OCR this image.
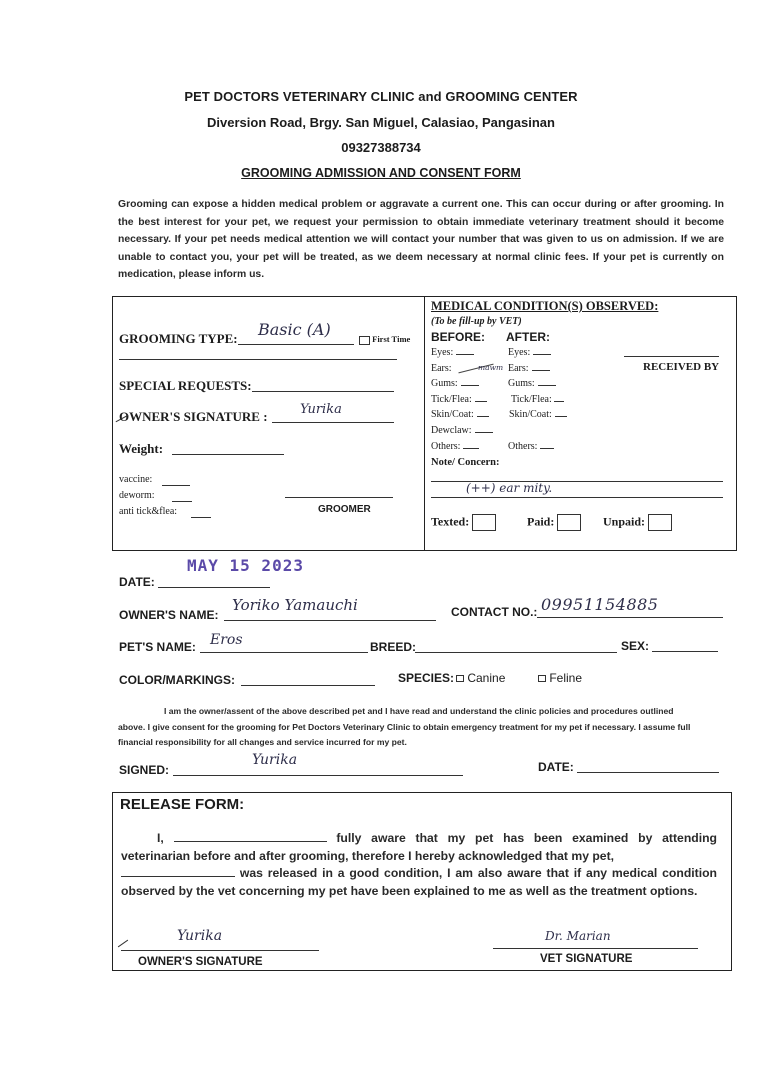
PET DOCTORS VETERINARY CLINIC and GROOMING CENTER
Diversion Road, Brgy. San Miguel, Calasiao, Pangasinan
09327388734
GROOMING ADMISSION AND CONSENT FORM
Grooming can expose a hidden medical problem or aggravate a current one. This can occur during or after grooming. In the best interest for your pet, we request your permission to obtain immediate veterinary treatment should it become necessary. If your pet needs medical attention we will contact your number that was given to us on admission. If we are unable to contact you, your pet will be treated, as we deem necessary at normal clinic fees. If your pet is currently on medication, please inform us.
GROOMING TYPE: Basic (A)	First Time
SPECIAL REQUESTS:
OWNER'S SIGNATURE : Yurika
Weight:
vaccine:
deworm:
anti tick&flea:	GROOMER
MEDICAL CONDITION(S) OBSERVED:
(To be fill-up by VET)
BEFORE: AFTER:
Eyes:	Eyes:
Ears:	Ears:
Gums:	Gums:
Tick/Flea:	Tick/Flea:
Skin/Coat:	Skin/Coat:
Dewclaw:
Others:	Others:
mawm	RECEIVED BY
Note/ Concern:
(++) ear mity.
Texted:	Paid:	Unpaid:
MAY 15 2023
DATE:
OWNER'S NAME:
Yoriko Yamauchi	CONTACT NO.: 09951154885
PET'S NAME: Eros	BREED:	SEX:
COLOR/MARKINGS:	SPECIES:	Canine	Feline
I am the owner/assent of the above described pet and I have read and understand the clinic policies and procedures outlined
above. I give consent for the grooming for Pet Doctors Veterinary Clinic to obtain emergency treatment for my pet if necessary. I assume full financial responsibility for all changes and service incurred for my pet.
SIGNED:
Yurika	DATE:
RELEASE FORM:
I,	fully aware that my pet has been examined by attending veterinarian before and after grooming, therefore I hereby acknowledged that my pet,
was released in a good condition, I am also aware that if any medical condition observed by the vet concerning my pet have been explained to me as well as the treatment options.
Yurika
OWNER'S SIGNATURE
Dr. Marian
VET SIGNATURE
